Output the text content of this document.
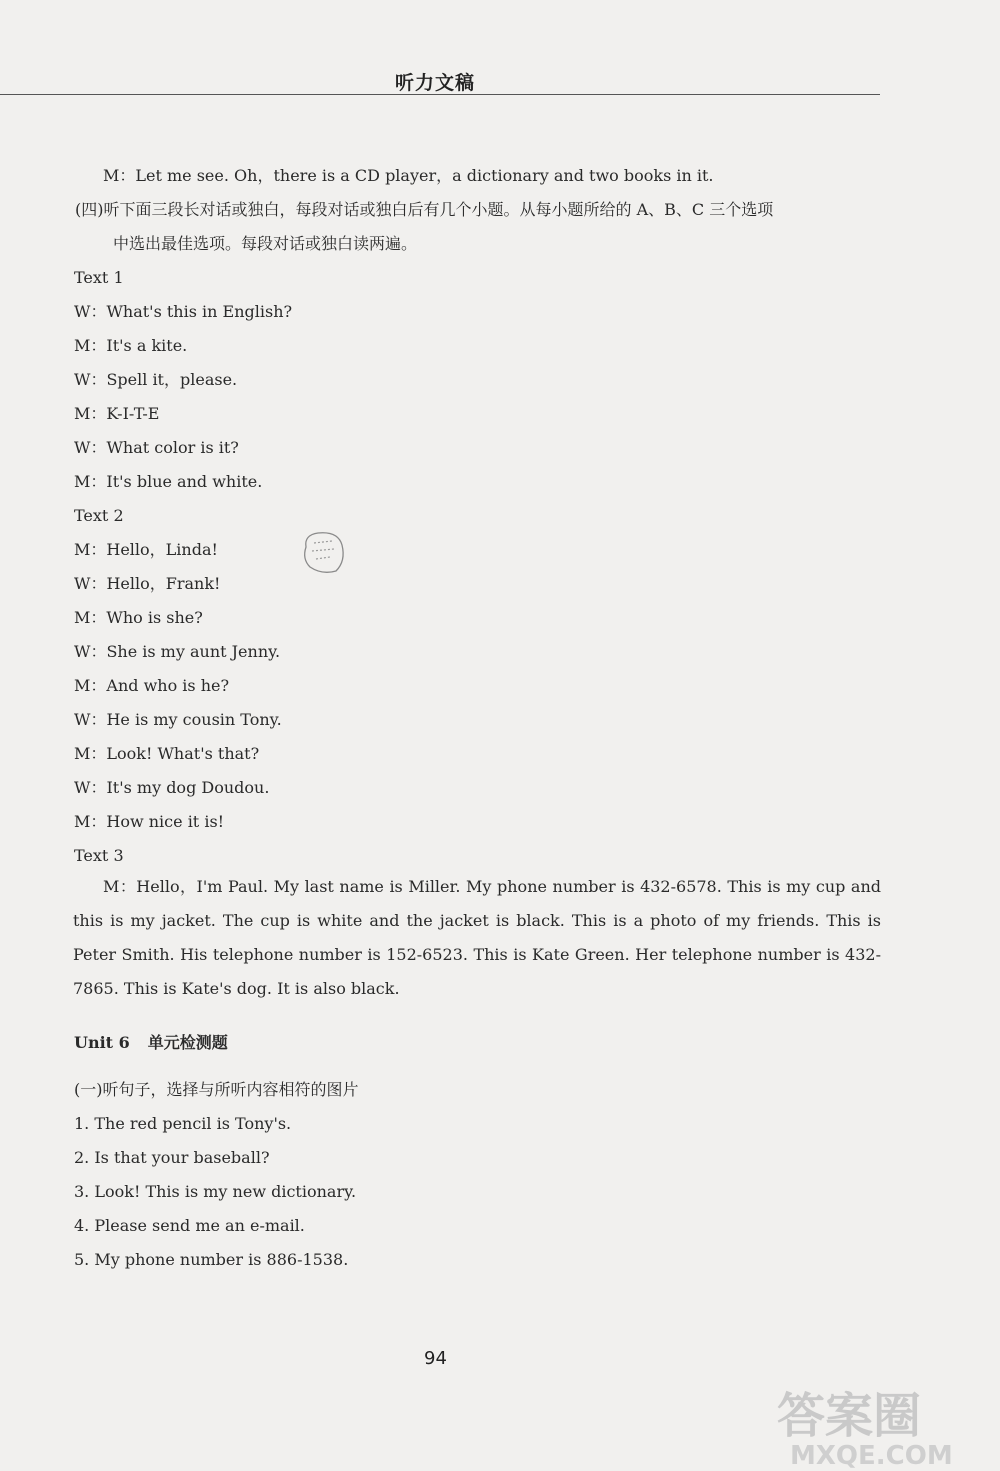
听力文稿
M：Let me see. Oh，there is a CD player，a dictionary and two books in it.
(四)听下面三段长对话或独白，每段对话或独白后有几个小题。从每小题所给的 A、B、C 三个选项
中选出最佳选项。每段对话或独白读两遍。
Text 1
W：What's this in English?
M：It's a kite.
W：Spell it，please.
M：K-I-T-E
W：What color is it?
M：It's blue and white.
Text 2
M：Hello，Linda!
W：Hello，Frank!
M：Who is she?
W：She is my aunt Jenny.
M：And who is he?
W：He is my cousin Tony.
M：Look! What's that?
W：It's my dog Doudou.
M：How nice it is!
Text 3
M：Hello，I'm Paul. My last name is Miller. My phone number is 432-6578. This is my cup and this is my jacket. The cup is white and the jacket is black. This is a photo of my friends. This is Peter Smith. His telephone number is 152-6523. This is Kate Green. Her telephone number is 432-7865. This is Kate's dog. It is also black.
Unit 6 单元检测题
(一)听句子，选择与所听内容相符的图片
1. The red pencil is Tony's.
2. Is that your baseball?
3. Look! This is my new dictionary.
4. Please send me an e-mail.
5. My phone number is 886-1538.
94
答案圈
MXQE.COM
